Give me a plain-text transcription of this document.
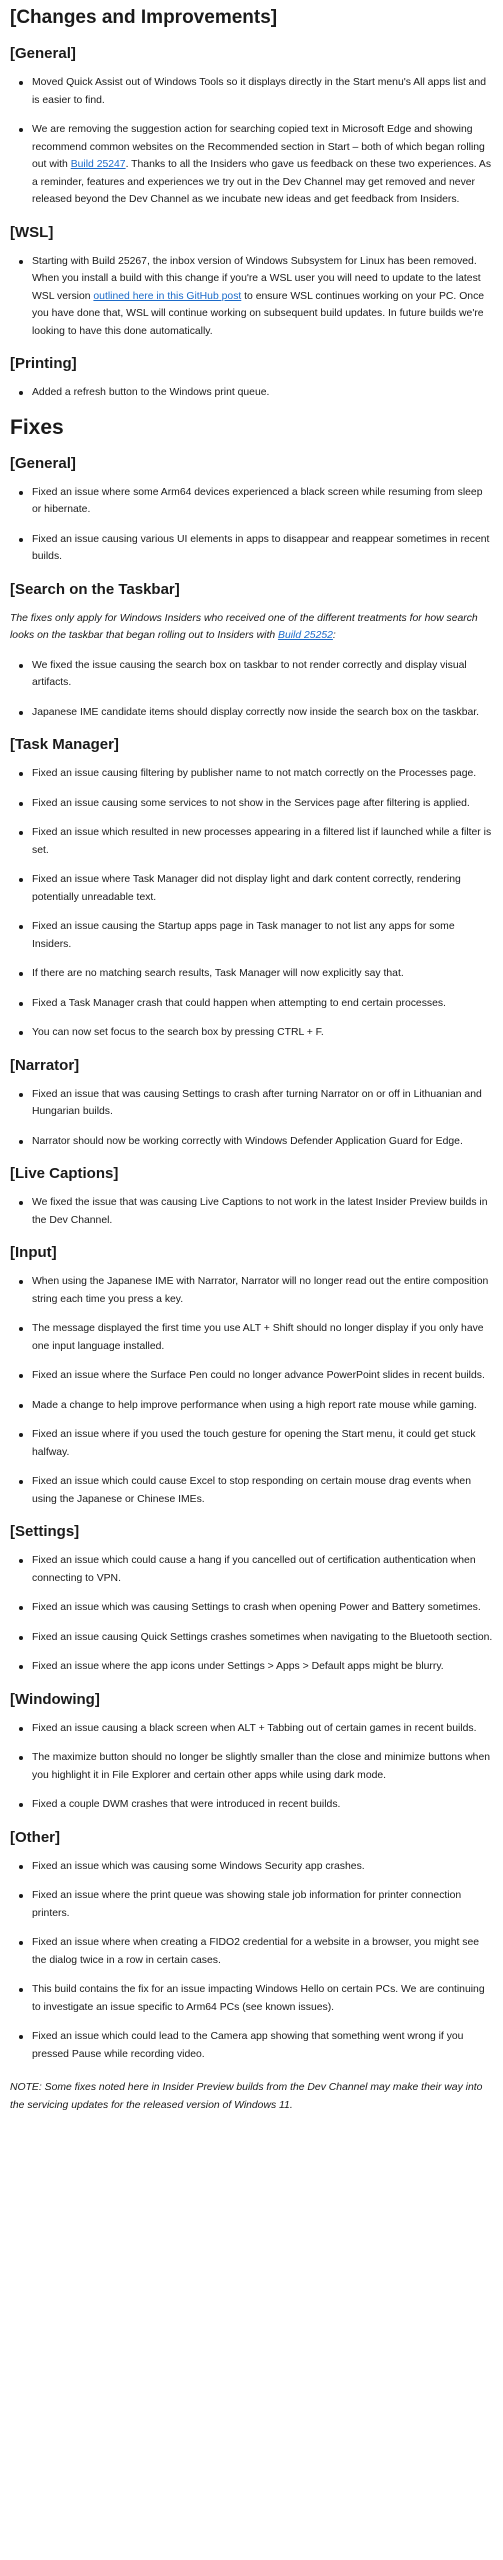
[Changes and Improvements]
[General]
Moved Quick Assist out of Windows Tools so it displays directly in the Start menu's All apps list and is easier to find.
We are removing the suggestion action for searching copied text in Microsoft Edge and showing recommend common websites on the Recommended section in Start – both of which began rolling out with Build 25247. Thanks to all the Insiders who gave us feedback on these two experiences. As a reminder, features and experiences we try out in the Dev Channel may get removed and never released beyond the Dev Channel as we incubate new ideas and get feedback from Insiders.
[WSL]
Starting with Build 25267, the inbox version of Windows Subsystem for Linux has been removed. When you install a build with this change if you're a WSL user you will need to update to the latest WSL version outlined here in this GitHub post to ensure WSL continues working on your PC. Once you have done that, WSL will continue working on subsequent build updates. In future builds we're looking to have this done automatically.
[Printing]
Added a refresh button to the Windows print queue.
Fixes
[General]
Fixed an issue where some Arm64 devices experienced a black screen while resuming from sleep or hibernate.
Fixed an issue causing various UI elements in apps to disappear and reappear sometimes in recent builds.
[Search on the Taskbar]

The fixes only apply for Windows Insiders who received one of the different treatments for how search looks on the taskbar that began rolling out to Insiders with Build 25252:

We fixed the issue causing the search box on taskbar to not render correctly and display visual artifacts.
Japanese IME candidate items should display correctly now inside the search box on the taskbar.
[Task Manager]
Fixed an issue causing filtering by publisher name to not match correctly on the Processes page.
Fixed an issue causing some services to not show in the Services page after filtering is applied.
Fixed an issue which resulted in new processes appearing in a filtered list if launched while a filter is set.
Fixed an issue where Task Manager did not display light and dark content correctly, rendering potentially unreadable text.
Fixed an issue causing the Startup apps page in Task manager to not list any apps for some Insiders.
If there are no matching search results, Task Manager will now explicitly say that.
Fixed a Task Manager crash that could happen when attempting to end certain processes.
You can now set focus to the search box by pressing CTRL + F.
[Narrator]
Fixed an issue that was causing Settings to crash after turning Narrator on or off in Lithuanian and Hungarian builds.
Narrator should now be working correctly with Windows Defender Application Guard for Edge.
[Live Captions]
We fixed the issue that was causing Live Captions to not work in the latest Insider Preview builds in the Dev Channel.
[Input]
When using the Japanese IME with Narrator, Narrator will no longer read out the entire composition string each time you press a key.
The message displayed the first time you use ALT + Shift should no longer display if you only have one input language installed.
Fixed an issue where the Surface Pen could no longer advance PowerPoint slides in recent builds.
Made a change to help improve performance when using a high report rate mouse while gaming.
Fixed an issue where if you used the touch gesture for opening the Start menu, it could get stuck halfway.
Fixed an issue which could cause Excel to stop responding on certain mouse drag events when using the Japanese or Chinese IMEs.
[Settings]
Fixed an issue which could cause a hang if you cancelled out of certification authentication when connecting to VPN.
Fixed an issue which was causing Settings to crash when opening Power and Battery sometimes.
Fixed an issue causing Quick Settings crashes sometimes when navigating to the Bluetooth section.
Fixed an issue where the app icons under Settings > Apps > Default apps might be blurry.
[Windowing]
Fixed an issue causing a black screen when ALT + Tabbing out of certain games in recent builds.
The maximize button should no longer be slightly smaller than the close and minimize buttons when you highlight it in File Explorer and certain other apps while using dark mode.
Fixed a couple DWM crashes that were introduced in recent builds.
[Other]
Fixed an issue which was causing some Windows Security app crashes.
Fixed an issue where the print queue was showing stale job information for printer connection printers.
Fixed an issue where when creating a FIDO2 credential for a website in a browser, you might see the dialog twice in a row in certain cases.
This build contains the fix for an issue impacting Windows Hello on certain PCs. We are continuing to investigate an issue specific to Arm64 PCs (see known issues).
Fixed an issue which could lead to the Camera app showing that something went wrong if you pressed Pause while recording video.

NOTE: Some fixes noted here in Insider Preview builds from the Dev Channel may make their way into the servicing updates for the released version of Windows 11.
